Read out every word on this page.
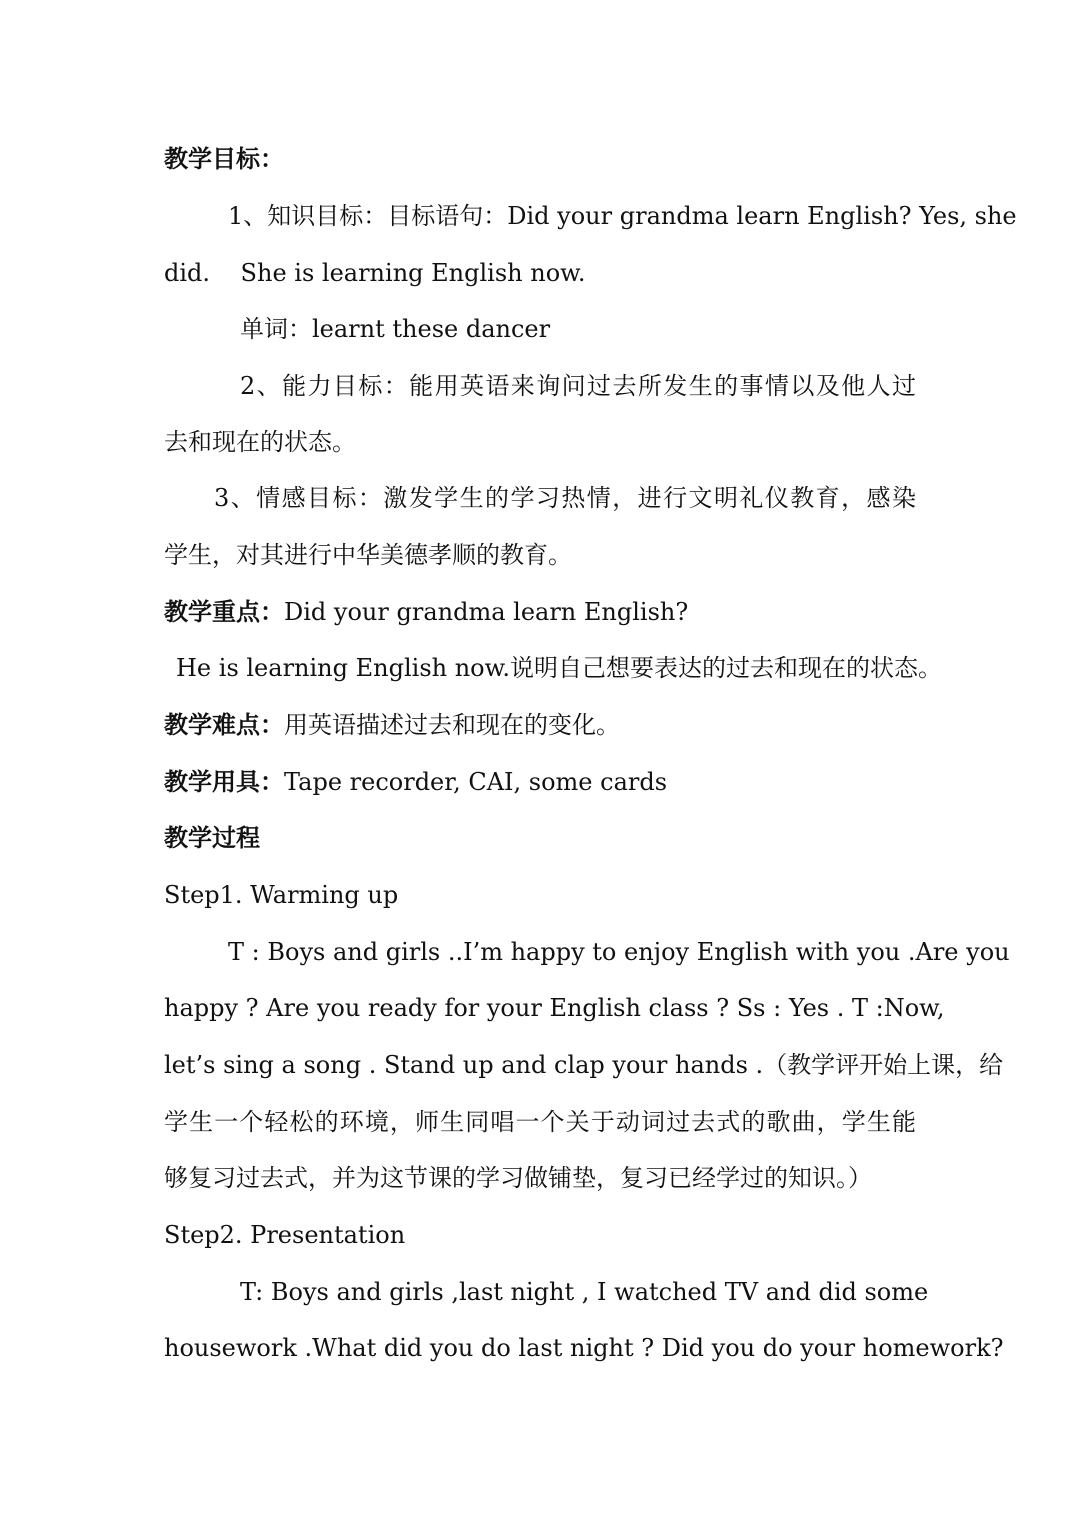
教学目标：
1、知识目标：目标语句：Did your grandma learn English? Yes, she
did.    She is learning English now.
单词：learnt these dancer
2、能力目标：能用英语来询问过去所发生的事情以及他人过
去和现在的状态。
3、情感目标：激发学生的学习热情，进行文明礼仪教育，感染
学生，对其进行中华美德孝顺的教育。
教学重点：Did your grandma learn English?
He is learning English now.说明自己想要表达的过去和现在的状态。
教学难点：用英语描述过去和现在的变化。
教学用具：Tape recorder, CAI, some cards
教学过程
Step1. Warming up
T : Boys and girls ..I’m happy to enjoy English with you .Are you
happy ? Are you ready for your English class ? Ss : Yes . T :Now,
let’s sing a song . Stand up and clap your hands .（教学评开始上课，给
学生一个轻松的环境，师生同唱一个关于动词过去式的歌曲，学生能
够复习过去式，并为这节课的学习做铺垫，复习已经学过的知识。）
Step2. Presentation
T: Boys and girls ,last night , I watched TV and did some
housework .What did you do last night ? Did you do your homework?
